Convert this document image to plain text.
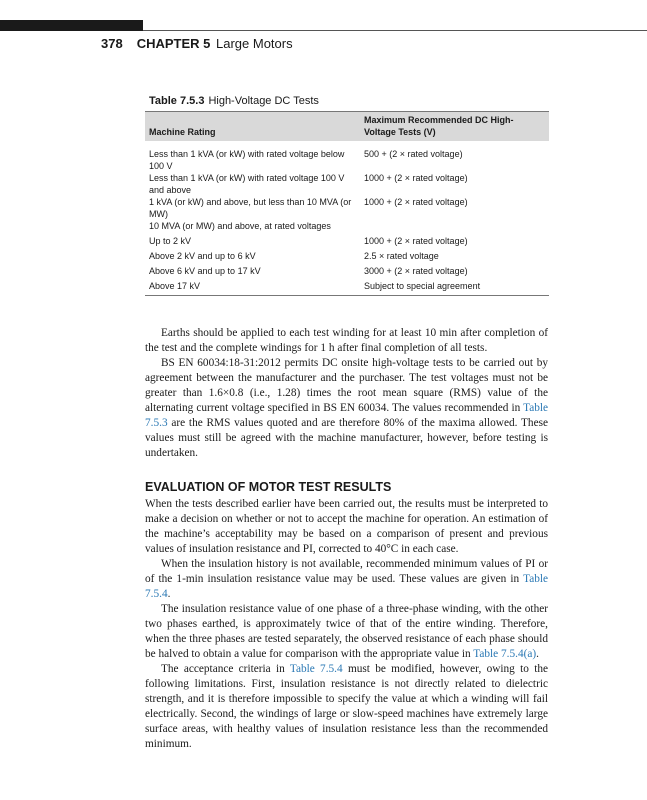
378 CHAPTER 5 Large Motors
Table 7.5.3 High-Voltage DC Tests
Machine Rating	Maximum Recommended DC High-Voltage Tests (V)
Less than 1 kVA (or kW) with rated voltage below 100 V	500 + (2 × rated voltage)
Less than 1 kVA (or kW) with rated voltage 100 V and above	1000 + (2 × rated voltage)
1 kVA (or kW) and above, but less than 10 MVA (or MW)	1000 + (2 × rated voltage)
10 MVA (or MW) and above, at rated voltages	
Up to 2 kV	1000 + (2 × rated voltage)
Above 2 kV and up to 6 kV	2.5 × rated voltage
Above 6 kV and up to 17 kV	3000 + (2 × rated voltage)
Above 17 kV	Subject to special agreement

Earths should be applied to each test winding for at least 10 min after completion of the test and the complete windings for 1 h after final completion of all tests.

BS EN 60034:18-31:2012 permits DC onsite high-voltage tests to be carried out by agreement between the manufacturer and the purchaser. The test voltages must not be greater than 1.6×0.8 (i.e., 1.28) times the root mean square (RMS) value of the alternating current voltage specified in BS EN 60034. The values recommended in Table 7.5.3 are the RMS values quoted and are therefore 80% of the maxima allowed. These values must still be agreed with the machine manufacturer, however, before testing is undertaken.

EVALUATION OF MOTOR TEST RESULTS

When the tests described earlier have been carried out, the results must be interpreted to make a decision on whether or not to accept the machine for operation. An estimation of the machine’s acceptability may be based on a comparison of present and previous values of insulation resistance and PI, corrected to 40°C in each case.

When the insulation history is not available, recommended minimum values of PI or of the 1-min insulation resistance value may be used. These values are given in Table 7.5.4.

The insulation resistance value of one phase of a three-phase winding, with the other two phases earthed, is approximately twice of that of the entire winding. Therefore, when the three phases are tested separately, the observed resistance of each phase should be halved to obtain a value for comparison with the appropriate value in Table 7.5.4(a).

The acceptance criteria in Table 7.5.4 must be modified, however, owing to the following limitations. First, insulation resistance is not directly related to dielectric strength, and it is therefore impossible to specify the value at which a winding will fail electrically. Second, the windings of large or slow-speed machines have extremely large surface areas, with healthy values of insulation resistance less than the recommended minimum.
